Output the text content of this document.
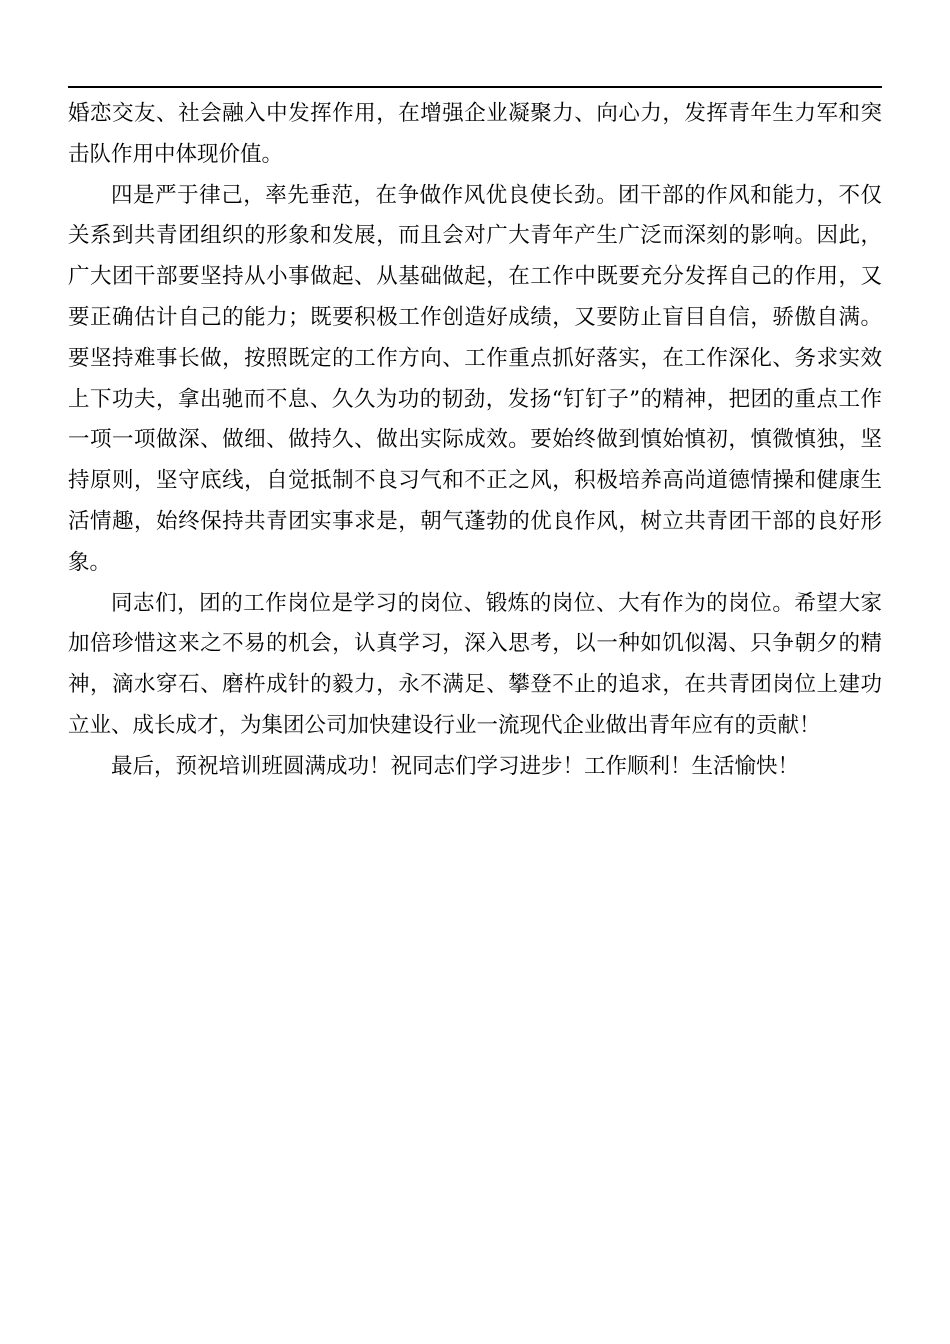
婚恋交友、社会融入中发挥作用，在增强企业凝聚力、向心力，发挥青年生力军和突击队作用中体现价值。

四是严于律己，率先垂范，在争做作风优良使长劲。团干部的作风和能力，不仅关系到共青团组织的形象和发展，而且会对广大青年产生广泛而深刻的影响。因此，广大团干部要坚持从小事做起、从基础做起，在工作中既要充分发挥自己的作用，又要正确估计自己的能力；既要积极工作创造好成绩，又要防止盲目自信，骄傲自满。要坚持难事长做，按照既定的工作方向、工作重点抓好落实，在工作深化、务求实效上下功夫，拿出驰而不息、久久为功的韧劲，发扬“钉钉子”的精神，把团的重点工作一项一项做深、做细、做持久、做出实际成效。要始终做到慎始慎初，慎微慎独，坚持原则，坚守底线，自觉抵制不良习气和不正之风，积极培养高尚道德情操和健康生活情趣，始终保持共青团实事求是，朝气蓬勃的优良作风，树立共青团干部的良好形象。

同志们，团的工作岗位是学习的岗位、锻炼的岗位、大有作为的岗位。希望大家加倍珍惜这来之不易的机会，认真学习，深入思考，以一种如饥似渴、只争朝夕的精神，滴水穿石、磨杵成针的毅力，永不满足、攀登不止的追求，在共青团岗位上建功立业、成长成才，为集团公司加快建设行业一流现代企业做出青年应有的贡献！

最后，预祝培训班圆满成功！祝同志们学习进步！工作顺利！生活愉快！
